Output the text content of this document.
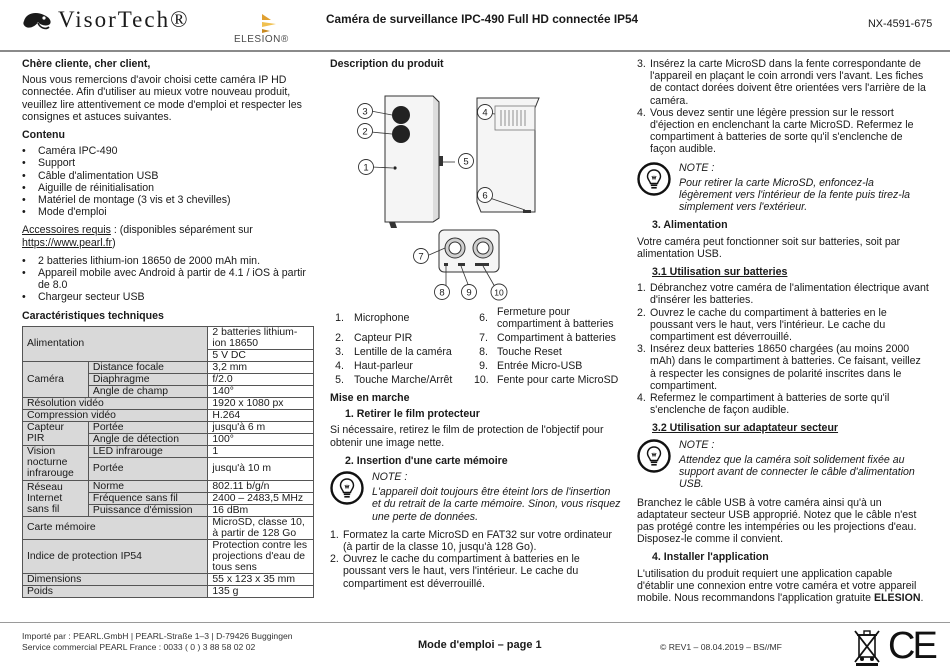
VisorTech®
ELESION®
Caméra de surveillance IPC-490 Full HD connectée IP54	NX-4591-675
Chère cliente, cher client,
Nous vous remercions d'avoir choisi cette caméra IP HD connectée. Afin d'utiliser au mieux votre nouveau produit, veuillez lire attentivement ce mode d'emploi et respecter les consignes et astuces suivantes.
Contenu
• Caméra IPC-490
• Support
• Câble d'alimentation USB
• Aiguille de réinitialisation
• Matériel de montage (3 vis et 3 chevilles)
• Mode d'emploi
Accessoires requis : (disponibles séparément sur
https://www.pearl.fr)
• 2 batteries lithium-ion 18650 de 2000 mAh min.
• Appareil mobile avec Android à partir de 4.1 / iOS à partir de 8.0
• Chargeur secteur USB
Caractéristiques techniques
Alimentation		2 batteries lithium-ion 18650
		5 V DC
Caméra	Distance focale	3,2 mm
	Diaphragme	f/2.0
	Angle de champ	140°
Résolution vidéo		1920 x 1080 px
Compression vidéo		H.264
Capteur PIR	Portée	jusqu'à 6 m
	Angle de détection	100°
Vision nocturne infrarouge	LED infrarouge	1
	Portée	jusqu'à 10 m
Réseau Internet sans fil	Norme	802.11 b/g/n
	Fréquence sans fil	2400 – 2483,5 MHz
	Puissance d'émission	16 dBm
Carte mémoire		MicroSD, classe 10, à partir de 128 Go
Indice de protection IP54		Protection contre les projections d'eau de tous sens
Dimensions		55 x 123 x 35 mm
Poids		135 g
Description du produit
1
2
3	4
5
6
7
8 9	10
1. Microphone
2. Capteur PIR
3. Lentille de la caméra
4. Haut-parleur
5. Touche Marche/Arrêt
6. Fermeture pour compartiment à batteries
7. Compartiment à batteries
8. Touche Reset
9. Entrée Micro-USB
10. Fente pour carte MicroSD
Mise en marche
1. Retirer le film protecteur
Si nécessaire, retirez le film de protection de l'objectif pour obtenir une image nette.
2. Insertion d'une carte mémoire
NOTE :
L'appareil doit toujours être éteint lors de l'insertion et du retrait de la carte mémoire. Sinon, vous risquez une perte de données.
1. Formatez la carte MicroSD en FAT32 sur votre ordinateur (à partir de la classe 10, jusqu'à 128 Go).
2. Ouvrez le cache du compartiment à batteries en le poussant vers le haut, vers l'intérieur. Le cache du compartiment est déverrouillé.
3. Insérez la carte MicroSD dans la fente correspondante de l'appareil en plaçant le coin arrondi vers l'avant. Les fiches de contact dorées doivent être orientées vers l'arrière de la caméra.
4. Vous devez sentir une légère pression sur le ressort d'éjection en enclenchant la carte MicroSD. Refermez le compartiment à batteries de sorte qu'il s'enclenche de façon audible.
NOTE :
Pour retirer la carte MicroSD, enfoncez-la légèrement vers l'intérieur de la fente puis tirez-la simplement vers l'extérieur.
3. Alimentation
Votre caméra peut fonctionner soit sur batteries, soit par alimentation USB.
3.1 Utilisation sur batteries
1. Débranchez votre caméra de l'alimentation électrique avant d'insérer les batteries.
2. Ouvrez le cache du compartiment à batteries en le poussant vers le haut, vers l'intérieur. Le cache du compartiment est déverrouillé.
3. Insérez deux batteries 18650 chargées (au moins 2000 mAh) dans le compartiment à batteries. Ce faisant, veillez à respecter les consignes de polarité inscrites dans le compartiment.
4. Refermez le compartiment à batteries de sorte qu'il s'enclenche de façon audible.
3.2 Utilisation sur adaptateur secteur
NOTE :
Attendez que la caméra soit solidement fixée au support avant de connecter le câble d'alimentation USB.
Branchez le câble USB à votre caméra ainsi qu'à un adaptateur secteur USB approprié. Notez que le câble n'est pas protégé contre les intempéries ou les projections d'eau. Disposez-le comme il convient.
4. Installer l'application
L'utilisation du produit requiert une application capable d'établir une connexion entre votre caméra et votre appareil mobile. Nous recommandons l'application gratuite ELESION.
Importé par : PEARL.GmbH | PEARL-Straße 1–3 | D-79426 Buggingen
Service commercial PEARL France : 0033 ( 0 ) 3 88 58 02 02	Mode d'emploi – page 1	© REV1 – 08.04.2019 – BS//MF	CE
